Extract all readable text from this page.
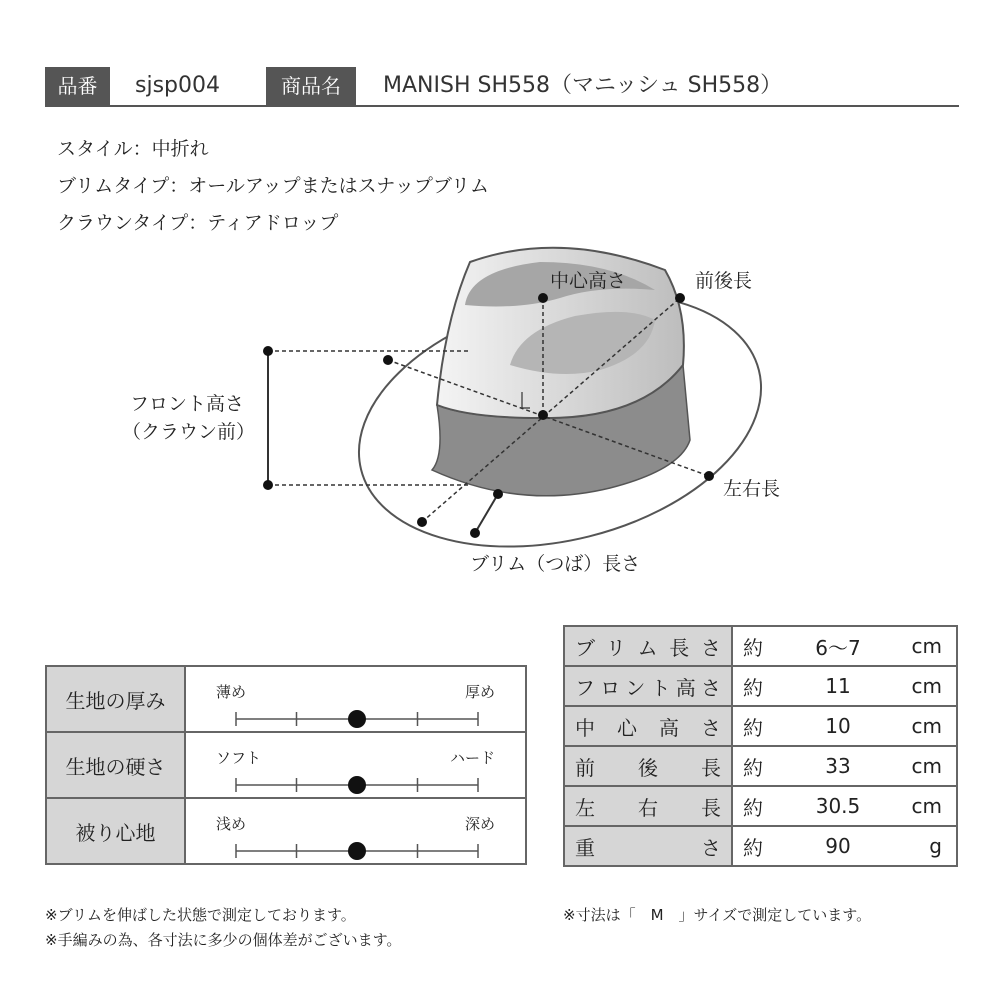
品番	sjsp004	商品名	MANISH SH558（マニッシュ SH558）
スタイル：中折れ
ブリムタイプ：オールアップまたはスナップブリム
クラウンタイプ：ティアドロップ
中心高さ	前後長
フロント高さ
（クラウン前）
左右長
ブリム（つば）長さ
生地の厚み	薄め 厚め

生地の硬さ	ソフト ハード

被り心地	浅め 深め
ブリム長さ	約	6〜7	cm
フロント高さ	約	11	cm
中心高さ	約	10	cm
前後長	約	33	cm
左右長	約	30.5	cm
重さ	約	90	g
※ブリムを伸ばした状態で測定しております。
※手編みの為、各寸法に多少の個体差がございます。
※寸法は「　M　」サイズで測定しています。
